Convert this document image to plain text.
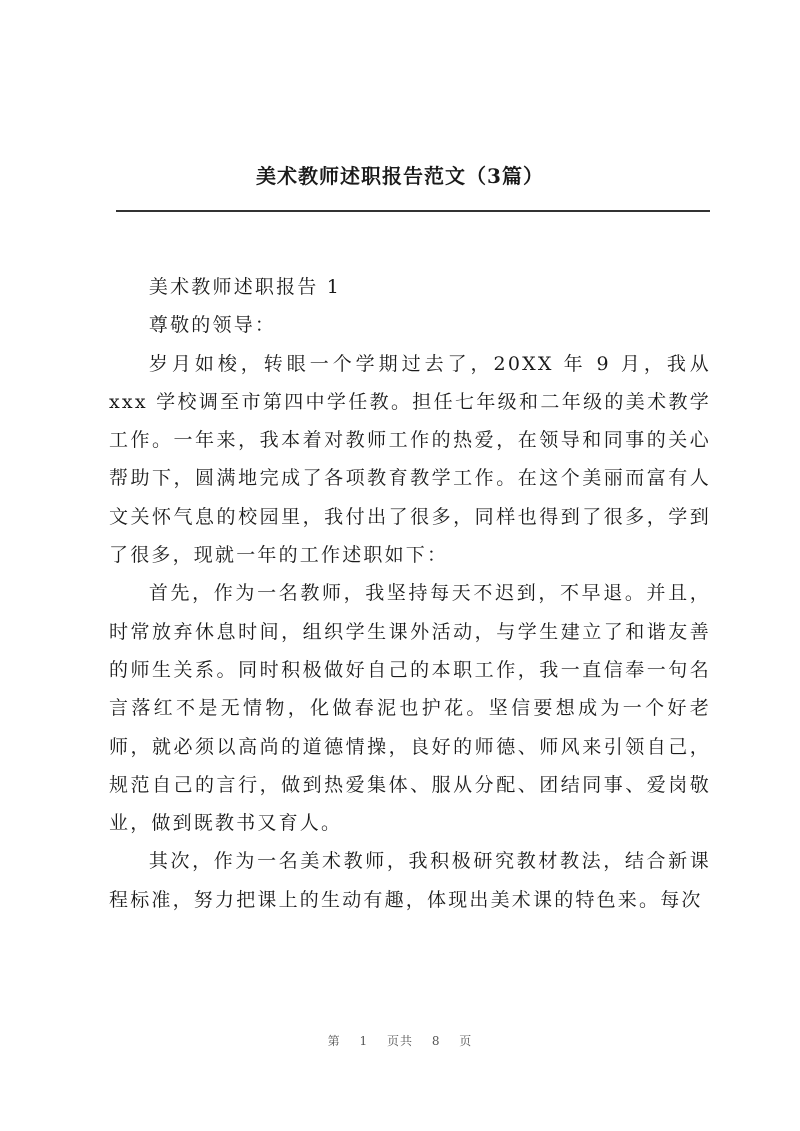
美术教师述职报告范文（3篇）

美术教师述职报告 1

尊敬的领导：

岁月如梭，转眼一个学期过去了，20XX 年 9 月，我从 xxx 学校调至市第四中学任教。担任七年级和二年级的美术教学工作。一年来，我本着对教师工作的热爱，在领导和同事的关心帮助下，圆满地完成了各项教育教学工作。在这个美丽而富有人文关怀气息的校园里，我付出了很多，同样也得到了很多，学到了很多，现就一年的工作述职如下：

首先，作为一名教师，我坚持每天不迟到，不早退。并且，时常放弃休息时间，组织学生课外活动，与学生建立了和谐友善的师生关系。同时积极做好自己的本职工作，我一直信奉一句名言落红不是无情物，化做春泥也护花。坚信要想成为一个好老师，就必须以高尚的道德情操，良好的师德、师风来引领自己，规范自己的言行，做到热爱集体、服从分配、团结同事、爱岗敬业，做到既教书又育人。

其次，作为一名美术教师，我积极研究教材教法，结合新课程标准，努力把课上的生动有趣，体现出美术课的特色来。每次

第 1 页共 8 页
